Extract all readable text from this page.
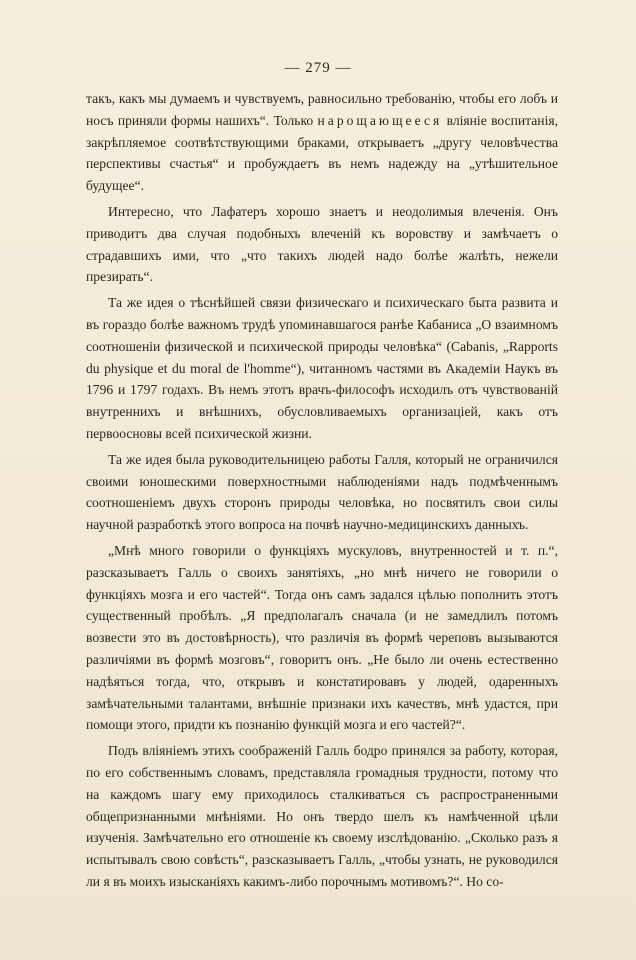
— 279 —

такъ, какъ мы думаемъ и чувствуемъ, равносильно требованію, чтобы его лобъ и носъ приняли формы нашихъ“. Только нарощающееся вліяніе воспитанія, закрѣпляемое соотвѣтствующими браками, открываетъ „другу человѣчества перспективы счастья“ и пробуждаетъ въ немъ надежду на „утѣшительное будущее“.

Интересно, что Лафатеръ хорошо знаетъ и неодолимыя влеченія. Онъ приводитъ два случая подобныхъ влеченій къ воровству и замѣчаетъ о страдавшихъ ими, что „что такихъ людей надо болѣе жалѣть, нежели презирать“.

Та же идея о тѣснѣйшей связи физическаго и психическаго быта развита и въ гораздо болѣе важномъ трудѣ упоминавшагося ранѣе Кабаниса „О взаимномъ соотношеніи физической и психической природы человѣка“ (Cabanis, „Rapports du physique et du moral de l'homme“), читанномъ частями въ Академіи Наукъ въ 1796 и 1797 годахъ. Въ немъ этотъ врачъ-философъ исходилъ отъ чувствованій внутреннихъ и внѣшнихъ, обусловливаемыхъ организаціей, какъ отъ первоосновы всей психической жизни.

Та же идея была руководительницею работы Галля, который не ограничился своими юношескими поверхностными наблюденіями надъ подмѣченнымъ соотношеніемъ двухъ сторонъ природы человѣка, но посвятилъ свои силы научной разработкѣ этого вопроса на почвѣ научно-медицинскихъ данныхъ.

„Мнѣ много говорили о функціяхъ мускуловъ, внутренностей и т. п.“, разсказываетъ Галль о своихъ занятіяхъ, „но мнѣ ничего не говорили о функціяхъ мозга и его частей“. Тогда онъ самъ задался цѣлью пополнить этотъ существенный пробѣлъ. „Я предполагалъ сначала (и не замедлилъ потомъ возвести это въ достовѣрность), что различія въ формѣ череповъ вызываются различіями въ формѣ мозговъ“, говоритъ онъ. „Не было ли очень естественно надѣяться тогда, что, открывъ и констатировавъ у людей, одаренныхъ замѣчательными талантами, внѣшніе признаки ихъ качествъ, мнѣ удастся, при помощи этого, придти къ познанію функцій мозга и его частей?“.

Подъ вліяніемъ этихъ соображеній Галль бодро принялся за работу, которая, по его собственнымъ словамъ, представляла громадныя трудности, потому что на каждомъ шагу ему приходилось сталкиваться съ распространенными общепризнанными мнѣніями. Но онъ твердо шелъ къ намѣченной цѣли изученія. Замѣчательно его отношеніе къ своему изслѣдованію. „Сколько разъ я испытывалъ свою совѣсть“, разсказываетъ Галль, „чтобы узнать, не руководился ли я въ моихъ изысканіяхъ какимъ-либо порочнымъ мотивомъ?“. Но со-
